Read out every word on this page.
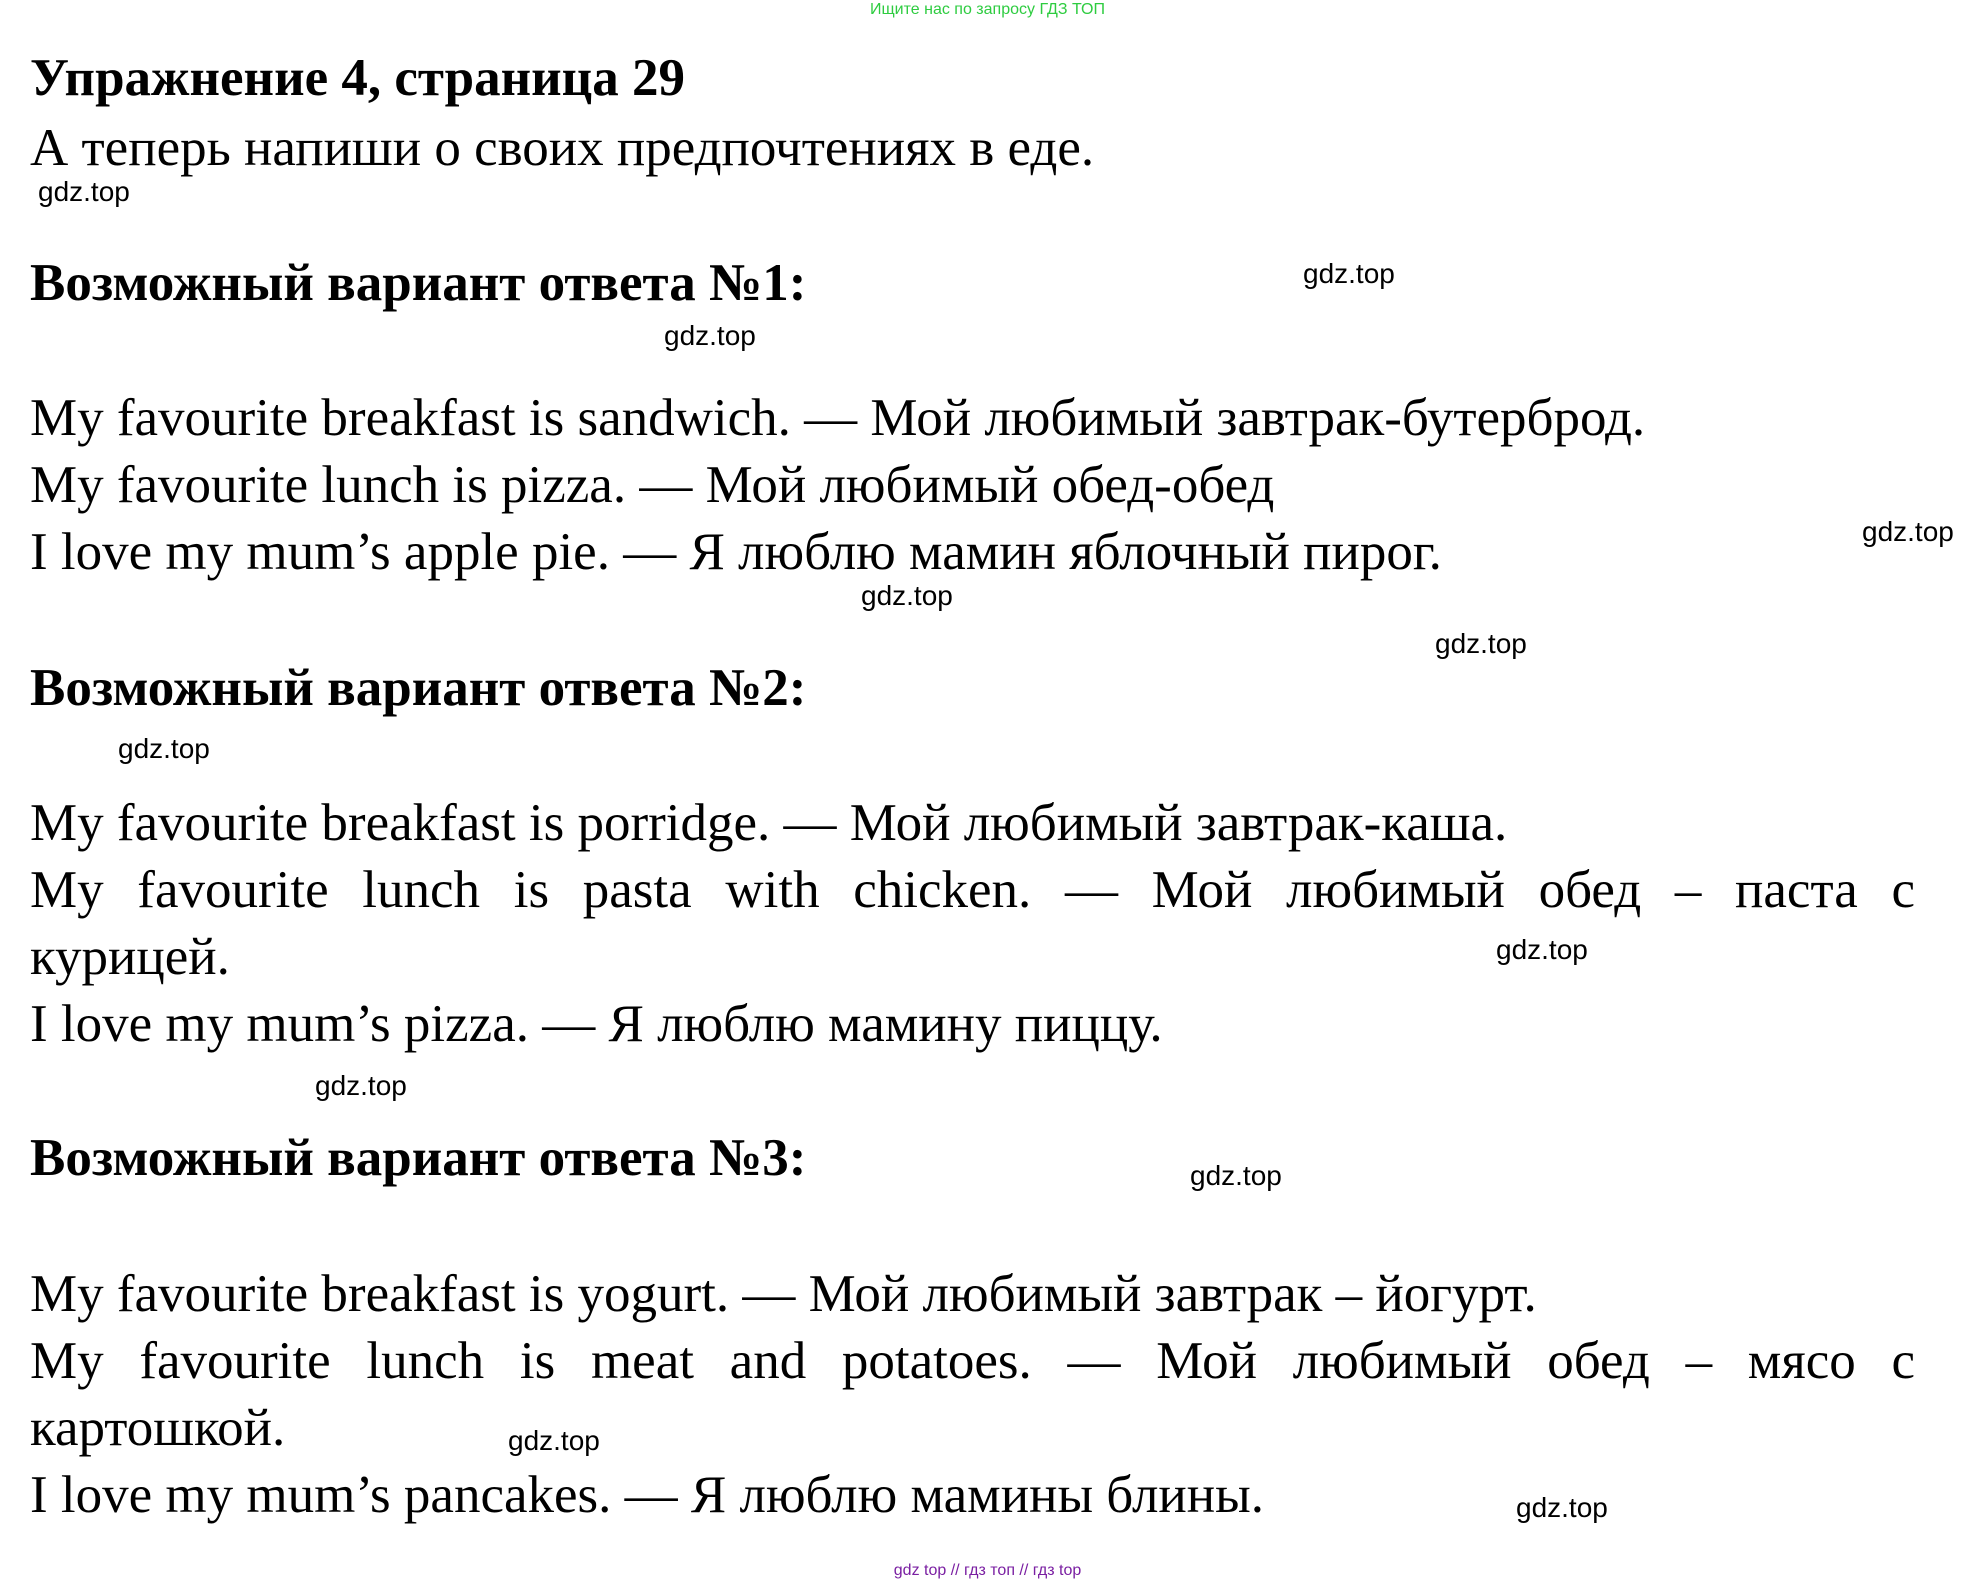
Ищите нас по запросу ГДЗ ТОП
Упражнение 4, страница 29
А теперь напиши о своих предпочтениях в еде.
Возможный вариант ответа №1:
My favourite breakfast is sandwich. — Мой любимый завтрак-бутерброд.
My favourite lunch is pizza. — Мой любимый обед-обед
I love my mum’s apple pie. — Я люблю мамин яблочный пирог.
Возможный вариант ответа №2:
My favourite breakfast is porridge. — Мой любимый завтрак-каша.
My favourite lunch is pasta with chicken. — Мой любимый обед – паста с
курицей.
I love my mum’s pizza. — Я люблю мамину пиццу.
Возможный вариант ответа №3:
My favourite breakfast is yogurt. — Мой любимый завтрак – йогурт.
My favourite lunch is meat and potatoes. — Мой любимый обед – мясо с
картошкой.
I love my mum’s pancakes. — Я люблю мамины блины.
gdz.top
gdz.top
gdz.top
gdz.top
gdz.top
gdz.top
gdz.top
gdz.top
gdz.top
gdz.top
gdz.top
gdz.top
gdz top // гдз топ // гдз top
